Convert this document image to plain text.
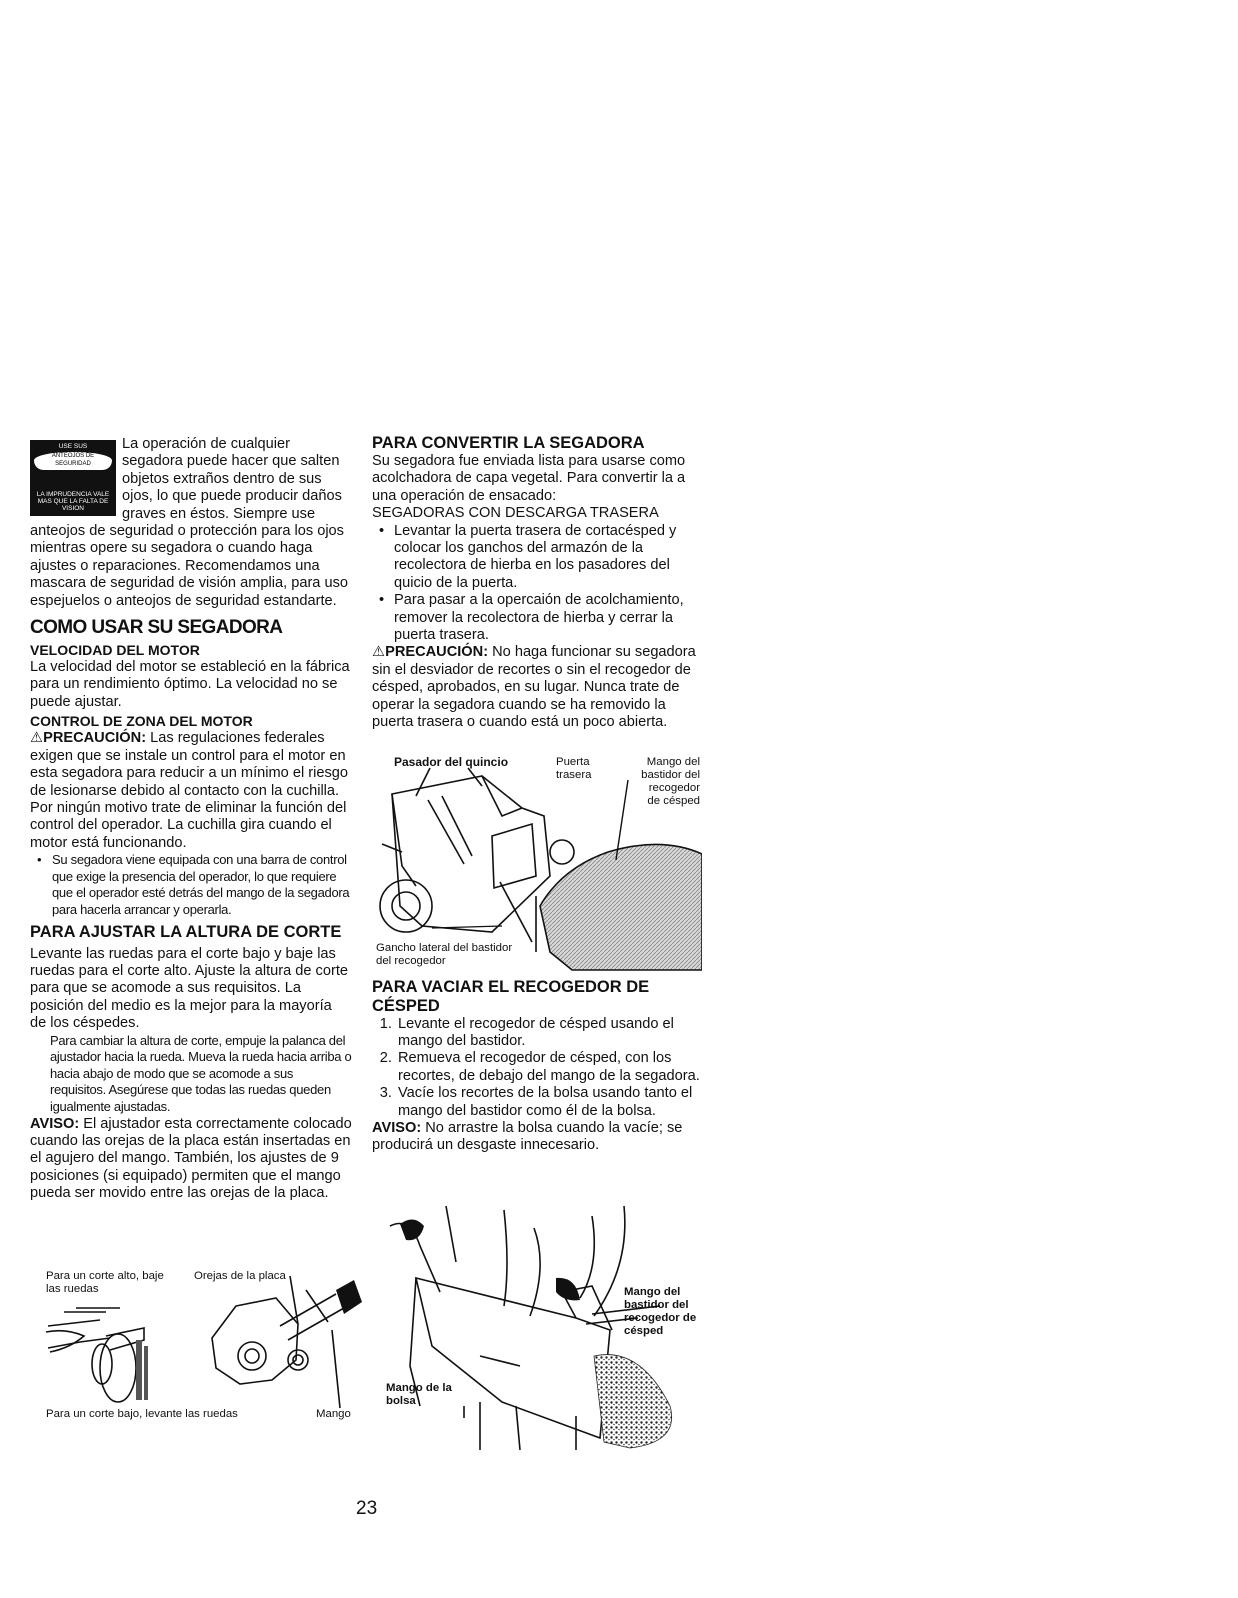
USE SUS
ANTEOJOS DE SEGURIDAD
LA IMPRUDENCIA VALE MAS QUE LA FALTA DE VISION

La operación de cualquier segadora puede hacer que salten objetos extraños dentro de sus ojos, lo que puede producir daños graves en éstos. Siempre use anteojos de seguridad o protección para los ojos mientras opere su segadora o cuando haga ajustes o reparaciones. Recomendamos una mascara de seguridad de visión amplia, para uso espejuelos o anteojos de seguridad estandarte.

COMO USAR SU SEGADORA
VELOCIDAD DEL MOTOR

La velocidad del motor se estableció en la fábrica para un rendimiento óptimo. La velocidad no se puede ajustar.

CONTROL DE ZONA DEL MOTOR

⚠PRECAUCIÓN: Las regulaciones federales exigen que se instale un control para el motor en esta segadora para reducir a un mínimo el riesgo de lesionarse debido al contacto con la cuchilla. Por ningún motivo trate de eliminar la función del control del operador. La cuchilla gira cuando el motor está funcionando.

• Su segadora viene equipada con una barra de control que exige la presencia del operador, lo que requiere que el operador esté detrás del mango de la segadora para hacerla arrancar y operarla.
PARA AJUSTAR LA ALTURA DE CORTE

Levante las ruedas para el corte bajo y baje las ruedas para el corte alto. Ajuste la altura de corte para que se acomode a sus requisitos. La posición del medio es la mejor para la mayoría de los céspedes.

Para cambiar la altura de corte, empuje la palanca del ajustador hacia la rueda. Mueva la rueda hacia arriba o hacia abajo de modo que se acomode a sus requisitos. Asegúrese que todas las ruedas queden igualmente ajustadas.

AVISO: El ajustador esta correctamente colocado cuando las orejas de la placa están insertadas en el agujero del mango. También, los ajustes de 9 posiciones (si equipado) permiten que el mango pueda ser movido entre las orejas de la placa.

Para un corte alto, baje las ruedas
Orejas de la placa
Para un corte bajo, levante las ruedas	Mango
PARA CONVERTIR LA SEGADORA

Su segadora fue enviada lista para usarse como acolchadora de capa vegetal. Para convertir la a una operación de ensacado:

SEGADORAS CON DESCARGA TRASERA

• Levantar la puerta trasera de cortacésped y colocar los ganchos del armazón de la recolectora de hierba en los pasadores del quicio de la puerta.
• Para pasar a la opercaión de acolchamiento, remover la recolectora de hierba y cerrar la puerta trasera.

⚠PRECAUCIÓN: No haga funcionar su segadora sin el desviador de recortes o sin el recogedor de césped, aprobados, en su lugar. Nunca trate de operar la segadora cuando se ha removido la puerta trasera o cuando está un poco abierta.

PARA VACIAR EL RECOGEDOR DE CÉSPED
1. Levante el recogedor de césped usando el mango del bastidor.
2. Remueva el recogedor de césped, con los recortes, de debajo del mango de la segadora.
3. Vacíe los recortes de la bolsa usando tanto el mango del bastidor como él de la bolsa.

AVISO: No arrastre la bolsa cuando la vacíe; se producirá un desgaste innecesario.

Pasador del quincio	Puerta trasera
Mango del bastidor del recogedor de césped
Gancho lateral del bastidor del recogedor
Mango del bastidor del recogedor de césped
Mango de la bolsa
23
